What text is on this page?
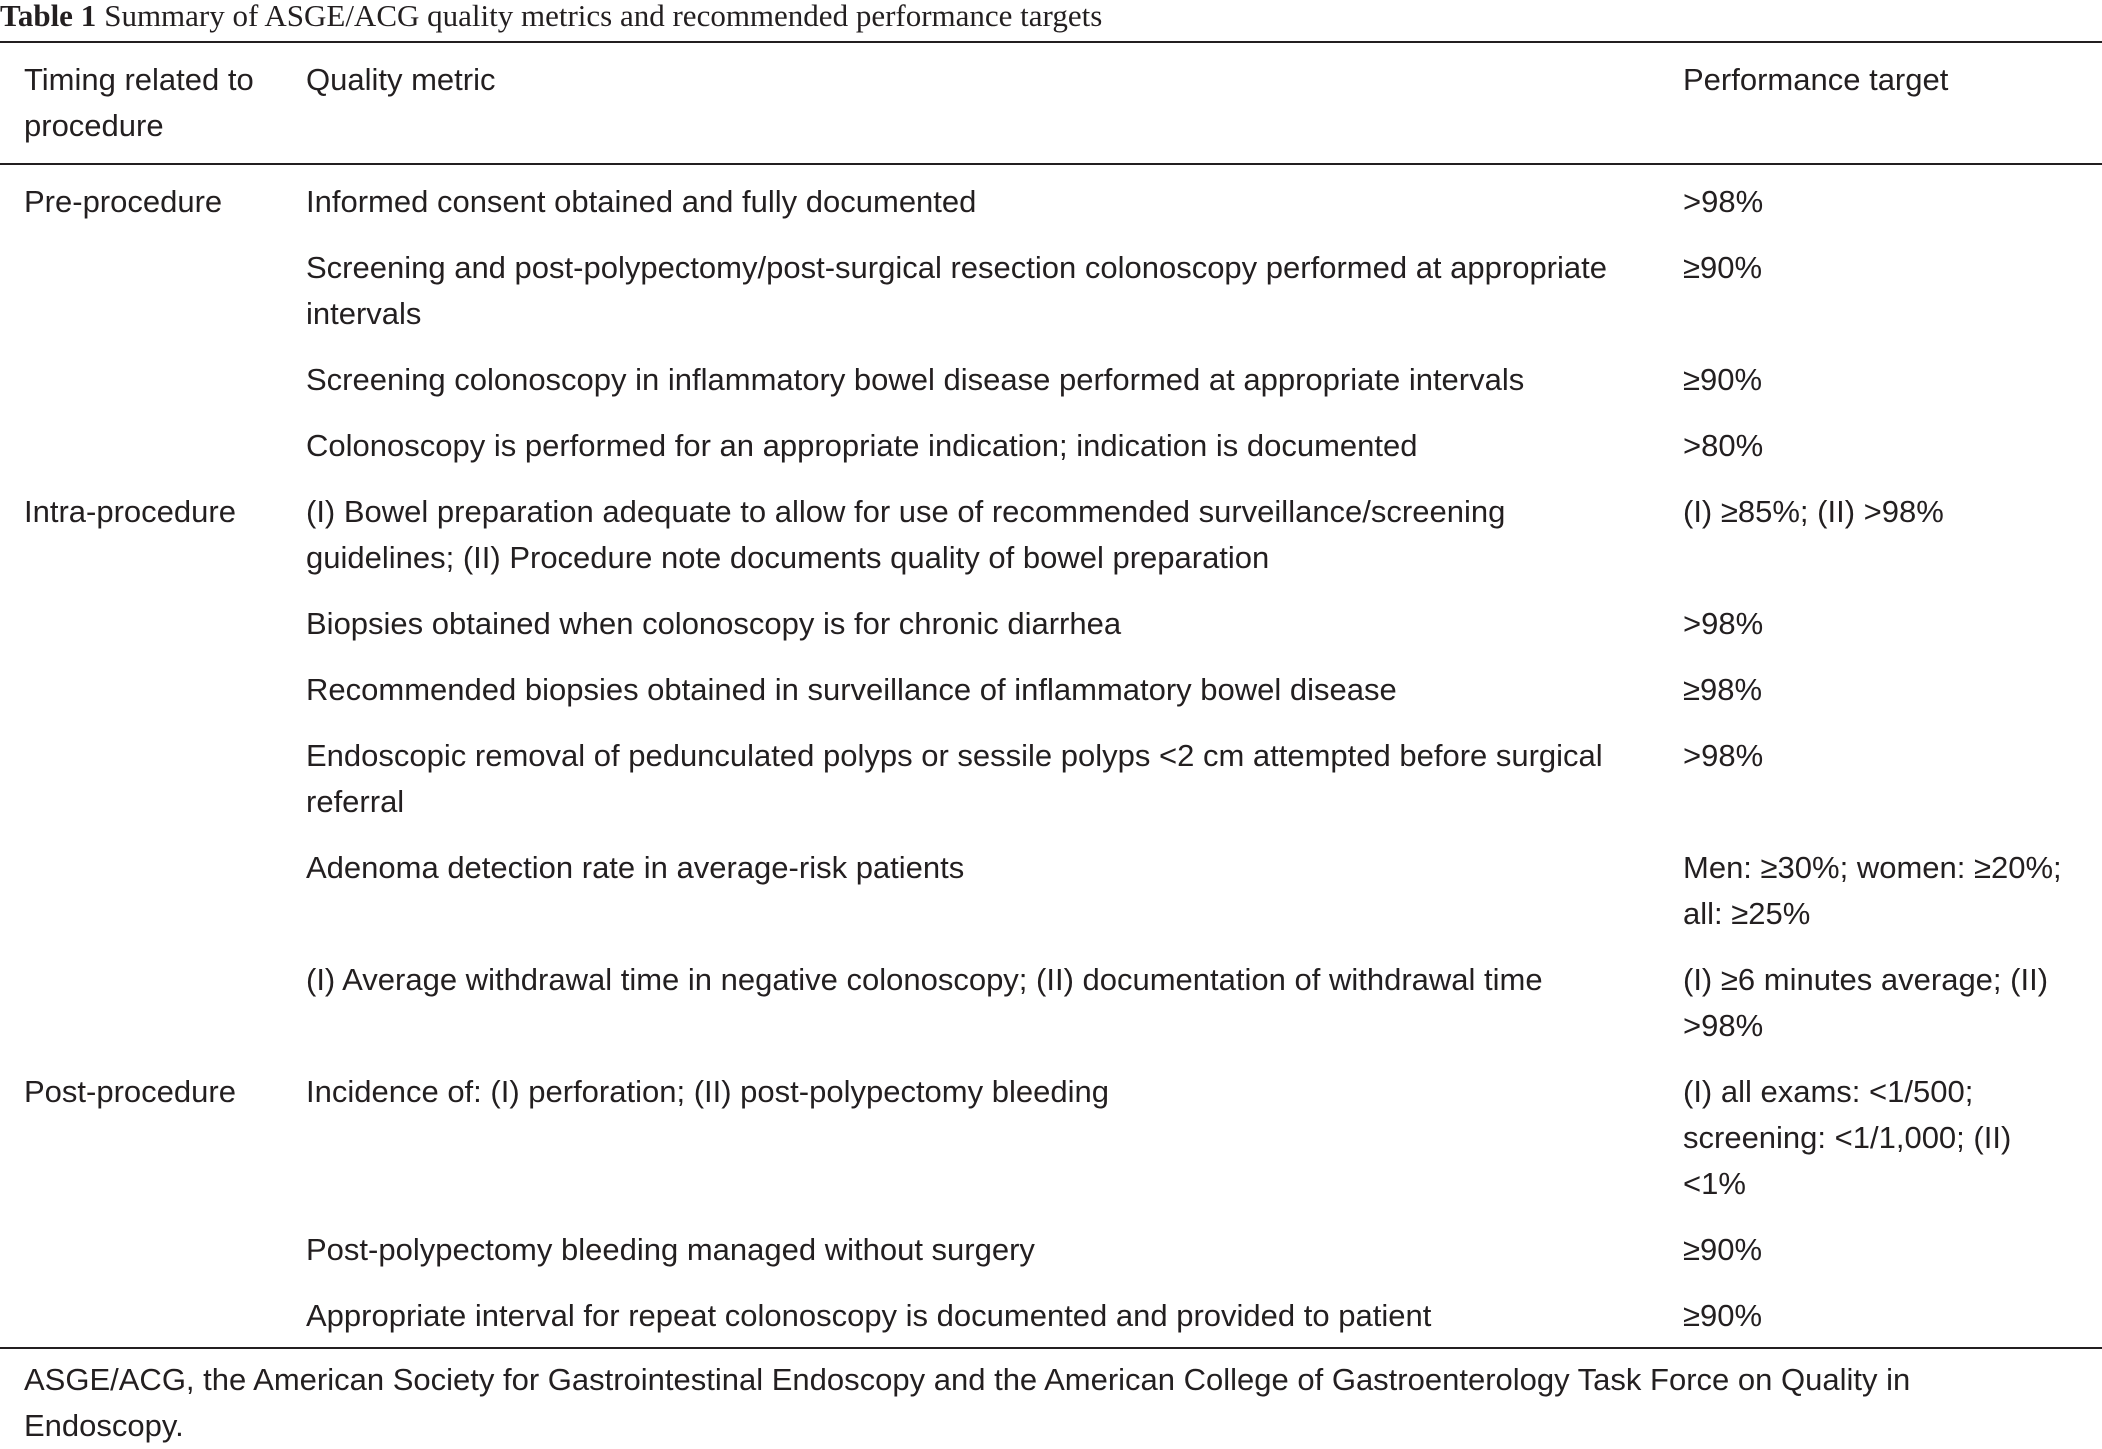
Table 1 Summary of ASGE/ACG quality metrics and recommended performance targets
Timing related to procedure	Quality metric	Performance target
Pre-procedure	Informed consent obtained and fully documented	>98%
	Screening and post-polypectomy/post-surgical resection colonoscopy performed at appropriate intervals	≥90%
	Screening colonoscopy in inflammatory bowel disease performed at appropriate intervals	≥90%
	Colonoscopy is performed for an appropriate indication; indication is documented	>80%
Intra-procedure	(I) Bowel preparation adequate to allow for use of recommended surveillance/screening guidelines; (II) Procedure note documents quality of bowel preparation	(I) ≥85%; (II) >98%
	Biopsies obtained when colonoscopy is for chronic diarrhea	>98%
	Recommended biopsies obtained in surveillance of inflammatory bowel disease	≥98%
	Endoscopic removal of pedunculated polyps or sessile polyps <2 cm attempted before surgical referral	>98%
	Adenoma detection rate in average-risk patients	Men: ≥30%; women: ≥20%; all: ≥25%
	(I) Average withdrawal time in negative colonoscopy; (II) documentation of withdrawal time	(I) ≥6 minutes average; (II) >98%
Post-procedure	Incidence of: (I) perforation; (II) post-polypectomy bleeding	(I) all exams: <1/500; screening: <1/1,000; (II) <1%
	Post-polypectomy bleeding managed without surgery	≥90%
	Appropriate interval for repeat colonoscopy is documented and provided to patient	≥90%
ASGE/ACG, the American Society for Gastrointestinal Endoscopy and the American College of Gastroenterology Task Force on Quality in Endoscopy.		
